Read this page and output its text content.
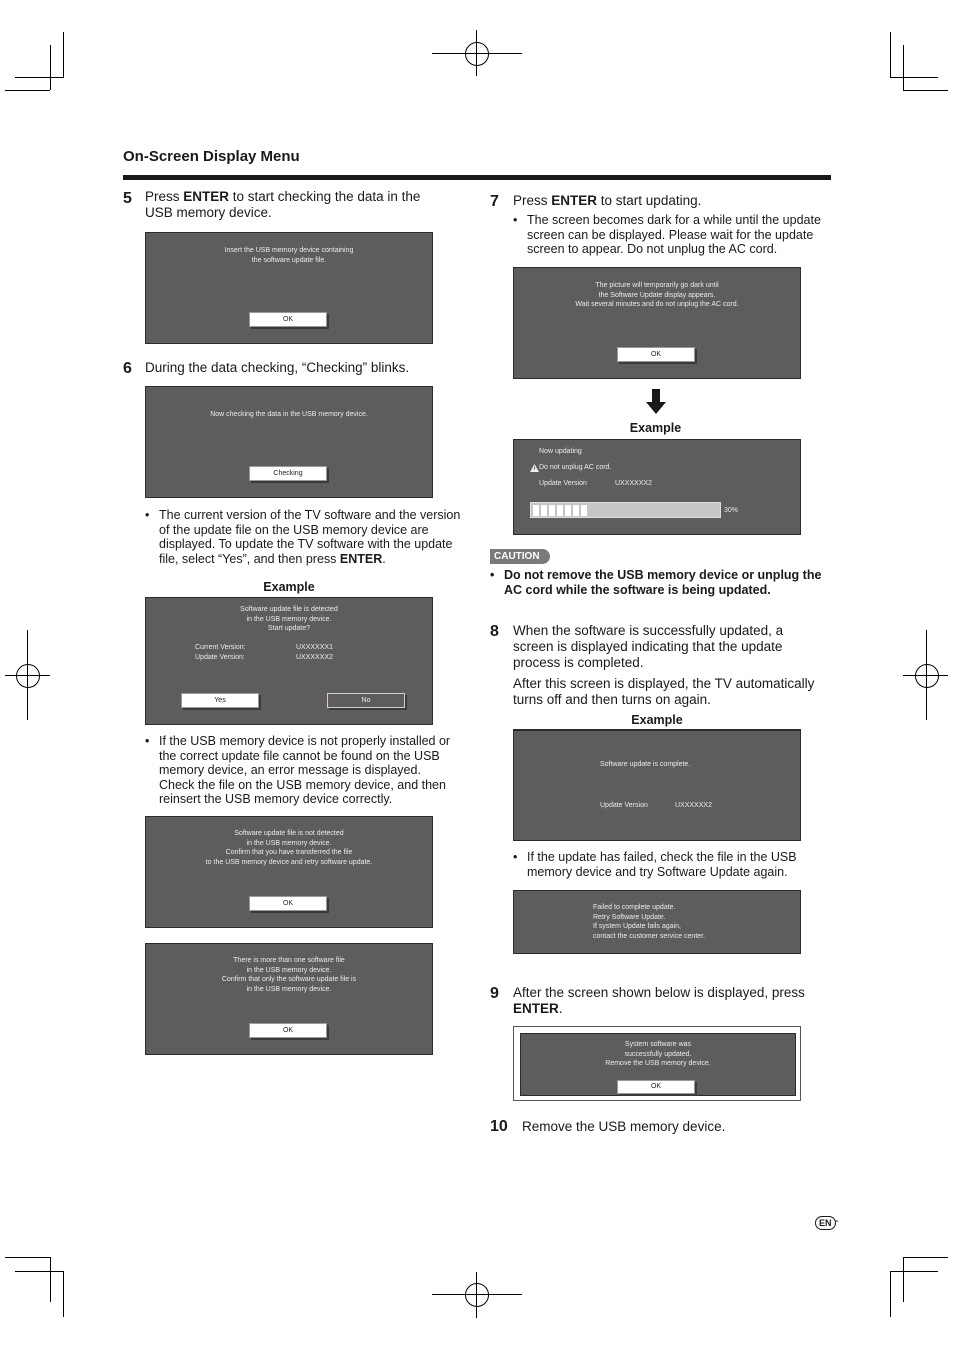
On-Screen Display Menu
5 Press ENTER to start checking the data in the
USB memory device.
Insert the USB memory device containing
the software update file.
OK
6 During the data checking, “Checking” blinks.
Now checking the data in the USB memory device.
Checking
• The current version of the TV software and the version
of the update file on the USB memory device are
displayed. To update the TV software with the update
file, select “Yes”, and then press ENTER.
Example
Software update file is detected
in the USB memory device.
Start update?
Current Version:	UXXXXXX1
Update Version:	UXXXXXX2
Yes	No
• If the USB memory device is not properly installed or
the correct update file cannot be found on the USB
memory device, an error message is displayed.
Check the file on the USB memory device, and then
reinsert the USB memory device correctly.
Software update file is not detected
in the USB memory device.
Confirm that you have transferred the file
to the USB memory device and retry software update.
OK
There is more than one software file
in the USB memory device.
Confirm that only the software update file is
in the USB memory device.
OK
7 Press ENTER to start updating.
• The screen becomes dark for a while until the update
screen can be displayed. Please wait for the update
screen to appear. Do not unplug the AC cord.
The picture will temporarily go dark until
the Software Update display appears.
Wait several minutes and do not unplug the AC cord.
OK
Example
Now updating
Do not unplug AC cord.
Update Version	UXXXXXX2
30%
CAUTION
• Do not remove the USB memory device or unplug the
AC cord while the software is being updated.
8 When the software is successfully updated, a
screen is displayed indicating that the update
process is completed.
After this screen is displayed, the TV automatically
turns off and then turns on again.
Example
Software update is complete.
Update Version	UXXXXXX2
• If the update has failed, check the file in the USB
memory device and try Software Update again.
Failed to complete update.
Retry Software Update.
If system Update fails again,
contact the customer service center.
9 After the screen shown below is displayed, press
ENTER.
System software was
successfully updated.
Remove the USB memory device.
OK
10 Remove the USB memory device.
EN -
